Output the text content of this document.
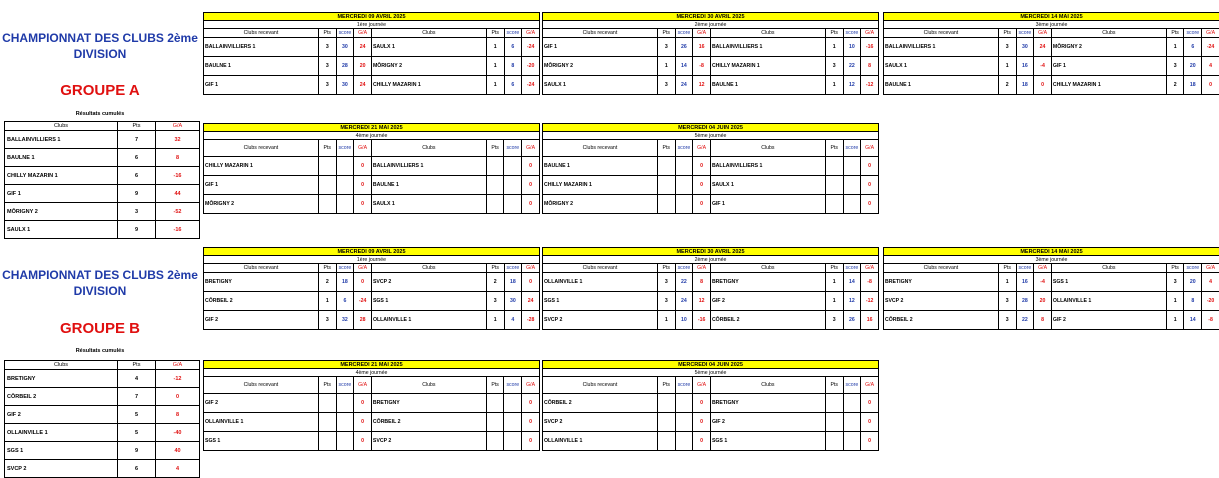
CHAMPIONNAT DES CLUBS 2ème DIVISION
GROUPE A
Résultats cumulés
Clubs	Pts	G/A
BALLAINVILLIERS 1	7	32
BAULNE 1	6	8
CHILLY MAZARIN 1	6	-16
GIF 1	9	44
MÔRIGNY 2	3	-52
SAULX 1	9	-16
MERCREDI 09 AVRIL 2025							
1ère journée							
Clubs recevant	Pts	score	G/A	Clubs	Pts	score	G/A
BALLAINVILLIERS 1	3	30	24	SAULX 1	1	6	-24
BAULNE 1	3	28	20	MÔRIGNY 2	1	8	-20
GIF 1	3	30	24	CHILLY MAZARIN 1	1	6	-24
MERCREDI 30 AVRIL 2025							
2ème journée							
Clubs recevant	Pts	score	G/A	Clubs	Pts	score	G/A
GIF 1	3	26	16	BALLAINVILLIERS 1	1	10	-16
MÔRIGNY 2	1	14	-8	CHILLY MAZARIN 1	3	22	8
SAULX 1	3	24	12	BAULNE 1	1	12	-12
MERCREDI 14 MAI 2025							
3ème journée							
Clubs recevant	Pts	score	G/A	Clubs	Pts	score	G/A
BALLAINVILLIERS 1	3	30	24	MÔRIGNY 2	1	6	-24
SAULX 1	1	16	-4	GIF 1	3	20	4
BAULNE 1	2	18	0	CHILLY MAZARIN 1	2	18	0
MERCREDI 21 MAI 2025							
4ème journée							
Clubs recevant	Pts	score	G/A	Clubs	Pts	score	G/A
CHILLY MAZARIN 1			0	BALLAINVILLIERS 1			0
GIF 1			0	BAULNE 1			0
MÔRIGNY 2			0	SAULX 1			0
MERCREDI 04 JUIN 2025							
5ème journée							
Clubs recevant	Pts	score	G/A	Clubs	Pts	score	G/A
BAULNE 1			0	BALLAINVILLIERS 1			0
CHILLY MAZARIN 1			0	SAULX 1			0
MÔRIGNY 2			0	GIF 1			0
MERCREDI 09 AVRIL 2025							
1ère journée							
Clubs recevant	Pts	score	G/A	Clubs	Pts	score	G/A
BRETIGNY	2	18	0	SVCP 2	2	18	0
CÔRBEIL 2	1	6	-24	SGS 1	3	30	24
GIF 2	3	32	28	OLLAINVILLE 1	1	4	-28
MERCREDI 30 AVRIL 2025							
2ème journée							
Clubs recevant	Pts	score	G/A	Clubs	Pts	score	G/A
OLLAINVILLE 1	3	22	8	BRETIGNY	1	14	-8
SGS 1	3	24	12	GIF 2	1	12	-12
SVCP 2	1	10	-16	CÔRBEIL 2	3	26	16
MERCREDI 14 MAI 2025							
3ème journée							
Clubs recevant	Pts	score	G/A	Clubs	Pts	score	G/A
BRETIGNY	1	16	-4	SGS 1	3	20	4
SVCP 2	3	28	20	OLLAINVILLE 1	1	8	-20
CÔRBEIL 2	3	22	8	GIF 2	1	14	-8
MERCREDI 21 MAI 2025							
4ème journée							
Clubs recevant	Pts	score	G/A	Clubs	Pts	score	G/A
GIF 2			0	BRETIGNY			0
OLLAINVILLE 1			0	CÔRBEIL 2			0
SGS 1			0	SVCP 2			0
MERCREDI 04 JUIN 2025							
5ème journée							
Clubs recevant	Pts	score	G/A	Clubs	Pts	score	G/A
CÔRBEIL 2			0	BRETIGNY			0
SVCP 2			0	GIF 2			0
OLLAINVILLE 1			0	SGS 1			0
CHAMPIONNAT DES CLUBS 2ème DIVISION
GROUPE B
Résultats cumulés
Clubs	Pts	G/A
BRETIGNY	4	-12
CÔRBEIL 2	7	0
GIF 2	5	8
OLLAINVILLE 1	5	-40
SGS 1	9	40
SVCP 2	6	4
